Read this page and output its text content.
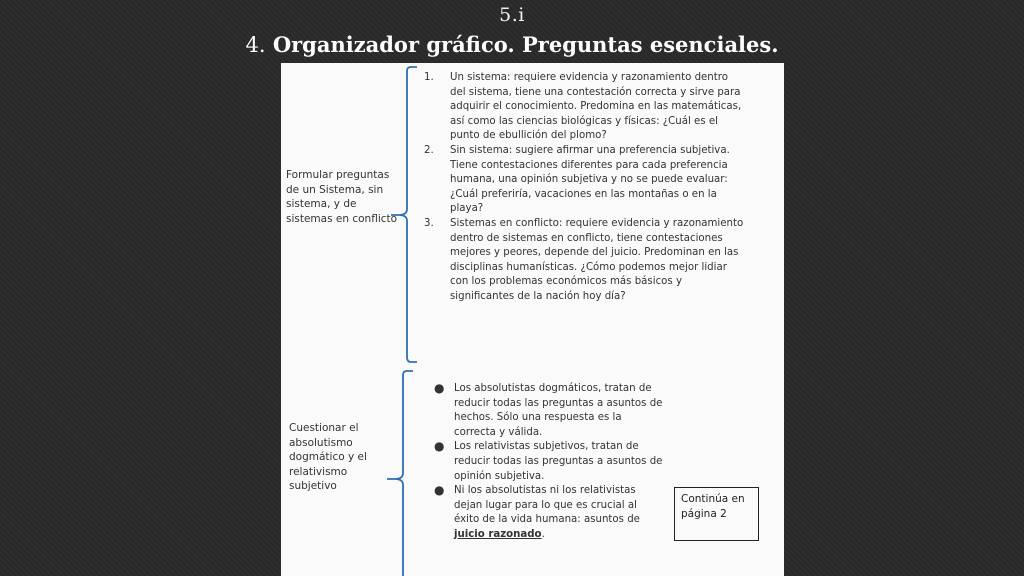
5.i
4. Organizador gráfico. Preguntas esenciales.
Formular preguntas de un Sistema, sin sistema, y de sistemas en conflicto
1. Un sistema: requiere evidencia y razonamiento dentro del sistema, tiene una contestación correcta y sirve para adquirir el conocimiento. Predomina en las matemáticas, así como las ciencias biológicas y físicas: ¿Cuál es el punto de ebullición del plomo?
2. Sin sistema: sugiere afirmar una preferencia subjetiva. Tiene contestaciones diferentes para cada preferencia humana, una opinión subjetiva y no se puede evaluar: ¿Cuál preferiría, vacaciones en las montañas o en la playa?
3. Sistemas en conflicto: requiere evidencia y razonamiento dentro de sistemas en conflicto, tiene contestaciones mejores y peores, depende del juicio. Predominan en las disciplinas humanísticas. ¿Cómo podemos mejor lidiar con los problemas económicos más básicos y significantes de la nación hoy día?
Cuestionar el absolutismo dogmático y el relativismo subjetivo
● Los absolutistas dogmáticos, tratan de reducir todas las preguntas a asuntos de hechos. Sólo una respuesta es la correcta y válida.
● Los relativistas subjetivos, tratan de reducir todas las preguntas a asuntos de opinión subjetiva.
● Ni los absolutistas ni los relativistas dejan lugar para lo que es crucial al éxito de la vida humana: asuntos de juicio razonado.
Continúa en página 2
